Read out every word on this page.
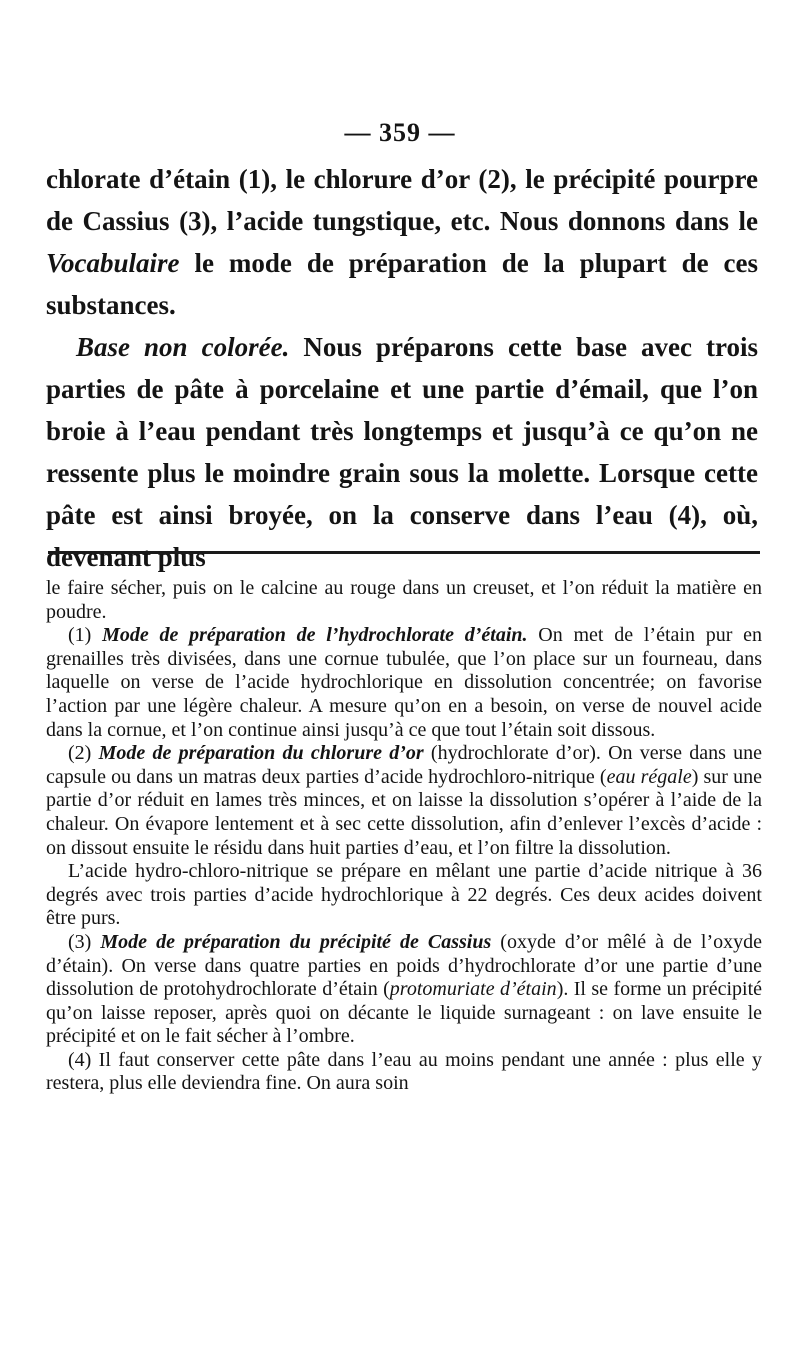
— 359 —

chlorate d’étain (1), le chlorure d’or (2), le précipité pourpre de Cassius (3), l’acide tungstique, etc. Nous donnons dans le Vocabulaire le mode de préparation de la plupart de ces substances.

Base non colorée. Nous préparons cette base avec trois parties de pâte à porcelaine et une partie d’émail, que l’on broie à l’eau pendant très longtemps et jusqu’à ce qu’on ne ressente plus le moindre grain sous la molette. Lorsque cette pâte est ainsi broyée, on la conserve dans l’eau (4), où, devenant plus

le faire sécher, puis on le calcine au rouge dans un creuset, et l’on réduit la matière en poudre.

(1) Mode de préparation de l’hydrochlorate d’étain. On met de l’étain pur en grenailles très divisées, dans une cornue tubulée, que l’on place sur un fourneau, dans laquelle on verse de l’acide hydrochlorique en dissolution concentrée; on favorise l’action par une légère chaleur. A mesure qu’on en a besoin, on verse de nouvel acide dans la cornue, et l’on continue ainsi jusqu’à ce que tout l’étain soit dissous.

(2) Mode de préparation du chlorure d’or (hydrochlorate d’or). On verse dans une capsule ou dans un matras deux parties d’acide hydrochloro-nitrique (eau régale) sur une partie d’or réduit en lames très minces, et on laisse la dissolution s’opérer à l’aide de la chaleur. On évapore lentement et à sec cette dissolution, afin d’enlever l’excès d’acide : on dissout ensuite le résidu dans huit parties d’eau, et l’on filtre la dissolution.

L’acide hydro-chloro-nitrique se prépare en mêlant une partie d’acide nitrique à 36 degrés avec trois parties d’acide hydrochlorique à 22 degrés. Ces deux acides doivent être purs.

(3) Mode de préparation du précipité de Cassius (oxyde d’or mêlé à de l’oxyde d’étain). On verse dans quatre parties en poids d’hydrochlorate d’or une partie d’une dissolution de protohydrochlorate d’étain (protomuriate d’étain). Il se forme un précipité qu’on laisse reposer, après quoi on décante le liquide surnageant : on lave ensuite le précipité et on le fait sécher à l’ombre.

(4) Il faut conserver cette pâte dans l’eau au moins pendant une année : plus elle y restera, plus elle deviendra fine. On aura soin
